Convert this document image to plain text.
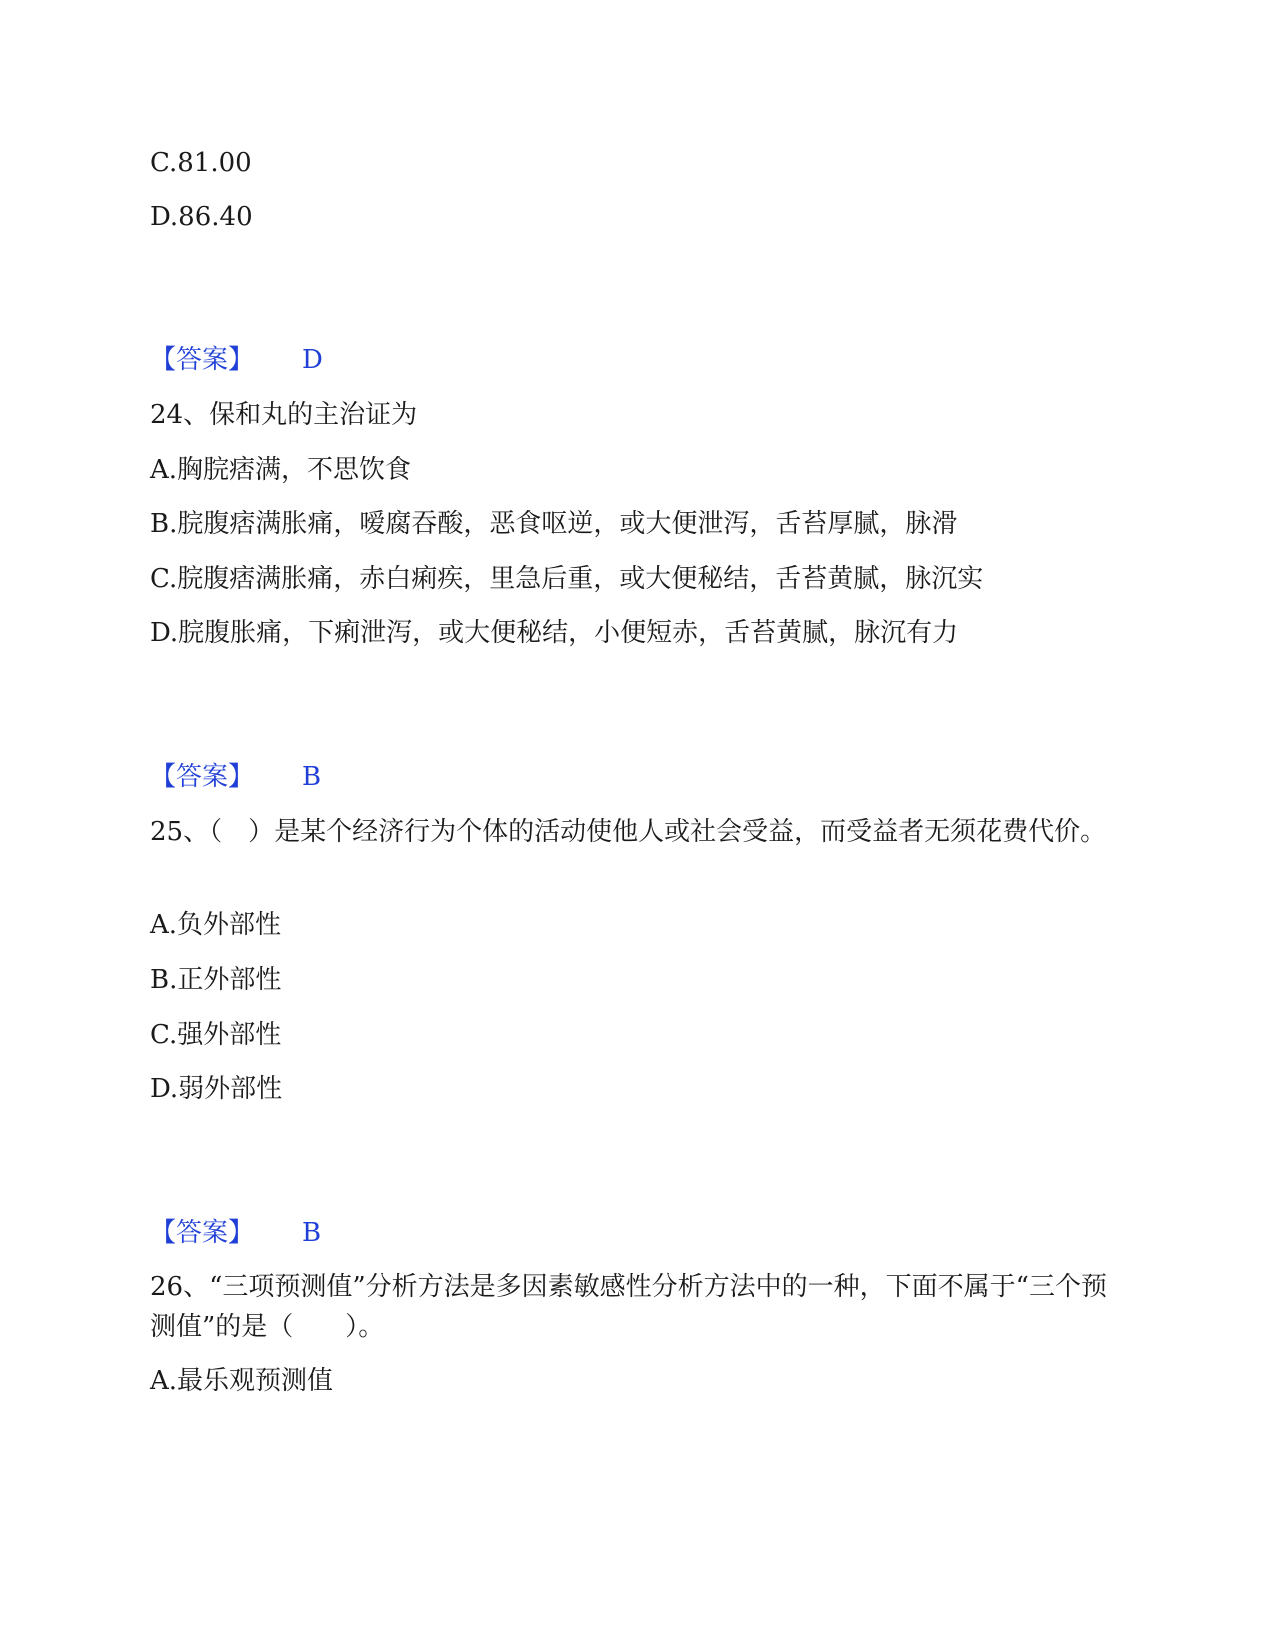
C.81.00
D.86.40
【答案】 D
24、保和丸的主治证为
A.胸脘痞满，不思饮食
B.脘腹痞满胀痛，嗳腐吞酸，恶食呕逆，或大便泄泻，舌苔厚腻，脉滑
C.脘腹痞满胀痛，赤白痢疾，里急后重，或大便秘结，舌苔黄腻，脉沉实
D.脘腹胀痛，下痢泄泻，或大便秘结，小便短赤，舌苔黄腻，脉沉有力
【答案】 B
25、（　）是某个经济行为个体的活动使他人或社会受益，而受益者无须花费代价。
A.负外部性
B.正外部性
C.强外部性
D.弱外部性
【答案】 B
26、“三项预测值”分析方法是多因素敏感性分析方法中的一种，下面不属于“三个预测值”的是（　　）。
A.最乐观预测值
